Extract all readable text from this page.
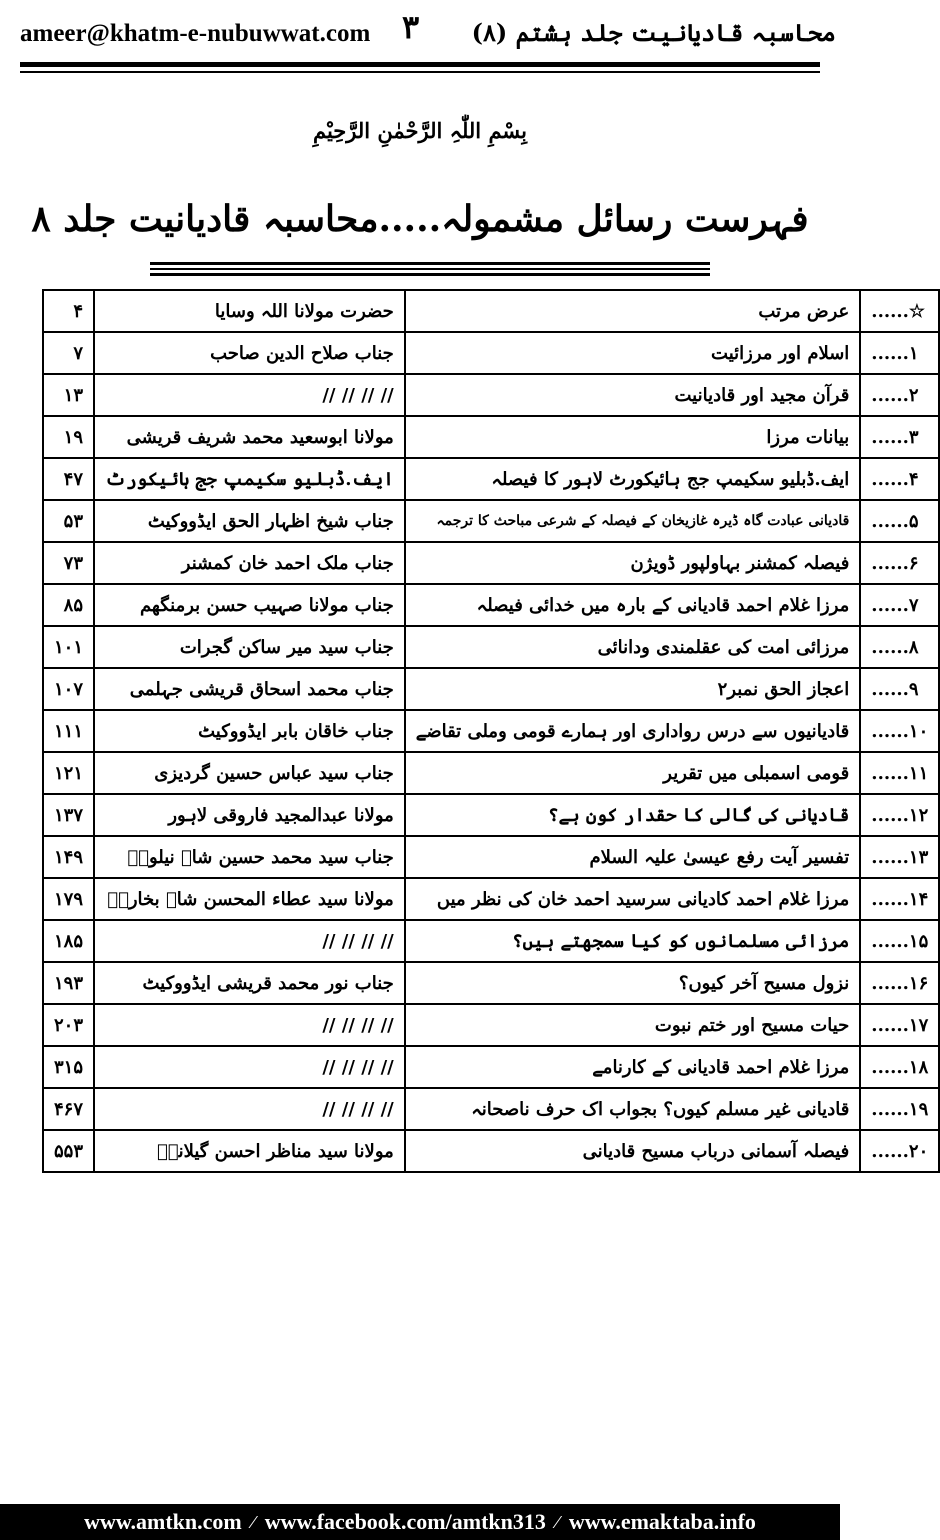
ameer@khatm-e-nubuwwat.com ۳ محاسبہ قادیانیت جلد ہشتم (۸)
بِسْمِ اللّٰہِ الرَّحْمٰنِ الرَّحِیْمِ
فہرست رسائل مشمولہ.....محاسبہ قادیانیت جلد ۸
۴	حضرت مولانا اللہ وسایا	عرض مرتب	☆......
۷	جناب صلاح الدین صاحب	اسلام اور مرزائیت	۱......
۱۳	// // // //	قرآن مجید اور قادیانیت	۲......
۱۹	مولانا ابوسعید محمد شریف قریشی	بیانات مرزا	۳......
۴۷	ایف.ڈبلیو سکیمپ جج ہائیکورٹ	ایف.ڈبلیو سکیمپ جج ہائیکورٹ لاہور کا فیصلہ	۴......
۵۳	جناب شیخ اظہار الحق ایڈووکیٹ	قادیانی عبادت گاہ ڈیرہ غازیخان کے فیصلہ کے شرعی مباحث کا ترجمہ	۵......
۷۳	جناب ملک احمد خان کمشنر	فیصلہ کمشنر بہاولپور ڈویژن	۶......
۸۵	جناب مولانا صہیب حسن برمنگھم	مرزا غلام احمد قادیانی کے بارہ میں خدائی فیصلہ	۷......
۱۰۱	جناب سید میر ساکن گجرات	مرزائی امت کی عقلمندی ودانائی	۸......
۱۰۷	جناب محمد اسحاق قریشی جہلمی	اعجاز الحق نمبر۲	۹......
۱۱۱	جناب خاقان بابر ایڈووکیٹ	قادیانیوں سے درس رواداری اور ہمارے قومی وملی تقاضے	۱۰......
۱۲۱	جناب سید عباس حسین گردیزی	قومی اسمبلی میں تقریر	۱۱......
۱۳۷	مولانا عبدالمجید فاروقی لاہور	قادیانی کی گالی کا حقدار کون ہے؟	۱۲......
۱۴۹	جناب سید محمد حسین شاہ نیلویؒ	تفسیر آیت رفع عیسیٰ علیہ السلام	۱۳......
۱۷۹	مولانا سید عطاء المحسن شاہ بخاریؒ	مرزا غلام احمد کادیانی سرسید احمد خان کی نظر میں	۱۴......
۱۸۵	// // // //	مرزائی مسلمانوں کو کیا سمجھتے ہیں؟	۱۵......
۱۹۳	جناب نور محمد قریشی ایڈووکیٹ	نزول مسیح آخر کیوں؟	۱۶......
۲۰۳	// // // //	حیات مسیح اور ختم نبوت	۱۷......
۳۱۵	// // // //	مرزا غلام احمد قادیانی کے کارنامے	۱۸......
۴۶۷	// // // //	قادیانی غیر مسلم کیوں؟ بجواب اک حرف ناصحانہ	۱۹......
۵۵۳	مولانا سید مناظر احسن گیلانیؒ	فیصلہ آسمانی درباب مسیح قادیانی	۲۰......
www.amtkn.com ⁄ www.facebook.com/amtkn313 ⁄ www.emaktaba.info
